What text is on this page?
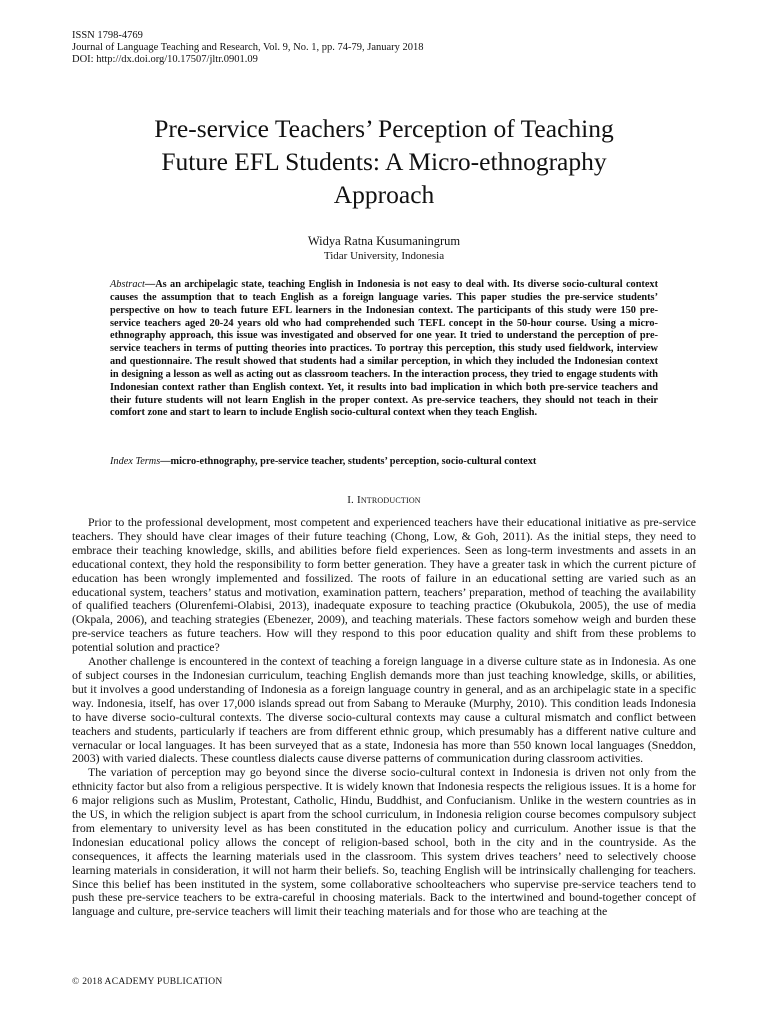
ISSN 1798-4769
Journal of Language Teaching and Research, Vol. 9, No. 1, pp. 74-79, January 2018
DOI: http://dx.doi.org/10.17507/jltr.0901.09
Pre-service Teachers’ Perception of Teaching
Future EFL Students: A Micro-ethnography
Approach
Widya Ratna Kusumaningrum
Tidar University, Indonesia
Abstract—As an archipelagic state, teaching English in Indonesia is not easy to deal with. Its diverse socio-cultural context causes the assumption that to teach English as a foreign language varies. This paper studies the pre-service students’ perspective on how to teach future EFL learners in the Indonesian context. The participants of this study were 150 pre-service teachers aged 20-24 years old who had comprehended such TEFL concept in the 50-hour course. Using a micro-ethnography approach, this issue was investigated and observed for one year. It tried to understand the perception of pre-service teachers in terms of putting theories into practices. To portray this perception, this study used fieldwork, interview and questionnaire. The result showed that students had a similar perception, in which they included the Indonesian context in designing a lesson as well as acting out as classroom teachers. In the interaction process, they tried to engage students with Indonesian context rather than English context. Yet, it results into bad implication in which both pre-service teachers and their future students will not learn English in the proper context. As pre-service teachers, they should not teach in their comfort zone and start to learn to include English socio-cultural context when they teach English.
Index Terms—micro-ethnography, pre-service teacher, students’ perception, socio-cultural context
I. Introduction

Prior to the professional development, most competent and experienced teachers have their educational initiative as pre-service teachers. They should have clear images of their future teaching (Chong, Low, & Goh, 2011). As the initial steps, they need to embrace their teaching knowledge, skills, and abilities before field experiences. Seen as long-term investments and assets in an educational context, they hold the responsibility to form better generation. They have a greater task in which the current picture of education has been wrongly implemented and fossilized. The roots of failure in an educational setting are varied such as an educational system, teachers’ status and motivation, examination pattern, teachers’ preparation, method of teaching the availability of qualified teachers (Olurenfemi-Olabisi, 2013), inadequate exposure to teaching practice (Okubukola, 2005), the use of media (Okpala, 2006), and teaching strategies (Ebenezer, 2009), and teaching materials. These factors somehow weigh and burden these pre-service teachers as future teachers. How will they respond to this poor education quality and shift from these problems to potential solution and practice?

Another challenge is encountered in the context of teaching a foreign language in a diverse culture state as in Indonesia. As one of subject courses in the Indonesian curriculum, teaching English demands more than just teaching knowledge, skills, or abilities, but it involves a good understanding of Indonesia as a foreign language country in general, and as an archipelagic state in a specific way. Indonesia, itself, has over 17,000 islands spread out from Sabang to Merauke (Murphy, 2010). This condition leads Indonesia to have diverse socio-cultural contexts. The diverse socio-cultural contexts may cause a cultural mismatch and conflict between teachers and students, particularly if teachers are from different ethnic group, which presumably has a different native culture and vernacular or local languages. It has been surveyed that as a state, Indonesia has more than 550 known local languages (Sneddon, 2003) with varied dialects. These countless dialects cause diverse patterns of communication during classroom activities.

The variation of perception may go beyond since the diverse socio-cultural context in Indonesia is driven not only from the ethnicity factor but also from a religious perspective. It is widely known that Indonesia respects the religious issues. It is a home for 6 major religions such as Muslim, Protestant, Catholic, Hindu, Buddhist, and Confucianism. Unlike in the western countries as in the US, in which the religion subject is apart from the school curriculum, in Indonesia religion course becomes compulsory subject from elementary to university level as has been constituted in the education policy and curriculum. Another issue is that the Indonesian educational policy allows the concept of religion-based school, both in the city and in the countryside. As the consequences, it affects the learning materials used in the classroom. This system drives teachers’ need to selectively choose learning materials in consideration, it will not harm their beliefs. So, teaching English will be intrinsically challenging for teachers. Since this belief has been instituted in the system, some collaborative schoolteachers who supervise pre-service teachers tend to push these pre-service teachers to be extra-careful in choosing materials. Back to the intertwined and bound-together concept of language and culture, pre-service teachers will limit their teaching materials and for those who are teaching at the

© 2018 ACADEMY PUBLICATION
